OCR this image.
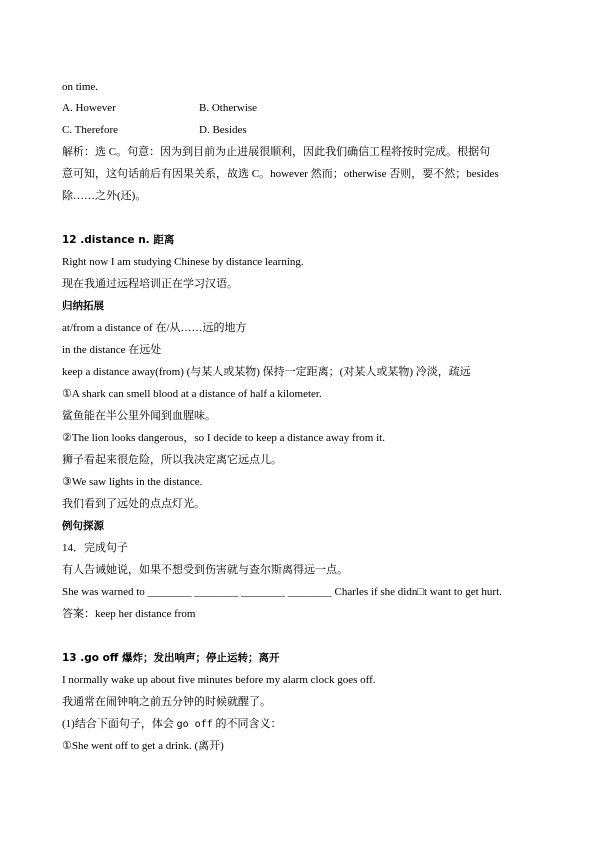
on time.

A. However	B. Otherwise
C. Therefore	D. Besides

解析：选 C。句意：因为到目前为止进展很顺利，因此我们确信工程将按时完成。根据句

意可知，这句话前后有因果关系，故选 C。however 然而；otherwise 否则，要不然；besides

除……之外(还)。

12 .distance n. 距离

Right now I am studying Chinese by distance learning.

现在我通过远程培训正在学习汉语。

归纳拓展

at/from a distance of 在/从……远的地方

in the distance 在远处

keep a distance away(from) (与某人或某物) 保持一定距离；(对某人或某物) 冷淡，疏远

①A shark can smell blood at a distance of half a kilometer.

鲨鱼能在半公里外闻到血腥味。

②The lion looks dangerous，so I decide to keep a distance away from it.

狮子看起来很危险，所以我决定离它远点儿。

③We saw lights in the distance.

我们看到了远处的点点灯光。

例句探源

14．完成句子

有人告诫她说，如果不想受到伤害就与查尔斯离得远一点。

She was warned to ________ ________ ________ ________ Charles if she didn□t want to get hurt.

答案：keep her distance from

13 .go off 爆炸；发出响声；停止运转；离开

I normally wake up about five minutes before my alarm clock goes off.

我通常在闹钟响之前五分钟的时候就醒了。

(1)结合下面句子，体会 go off 的不同含义：

①She went off to get a drink. (离开)
